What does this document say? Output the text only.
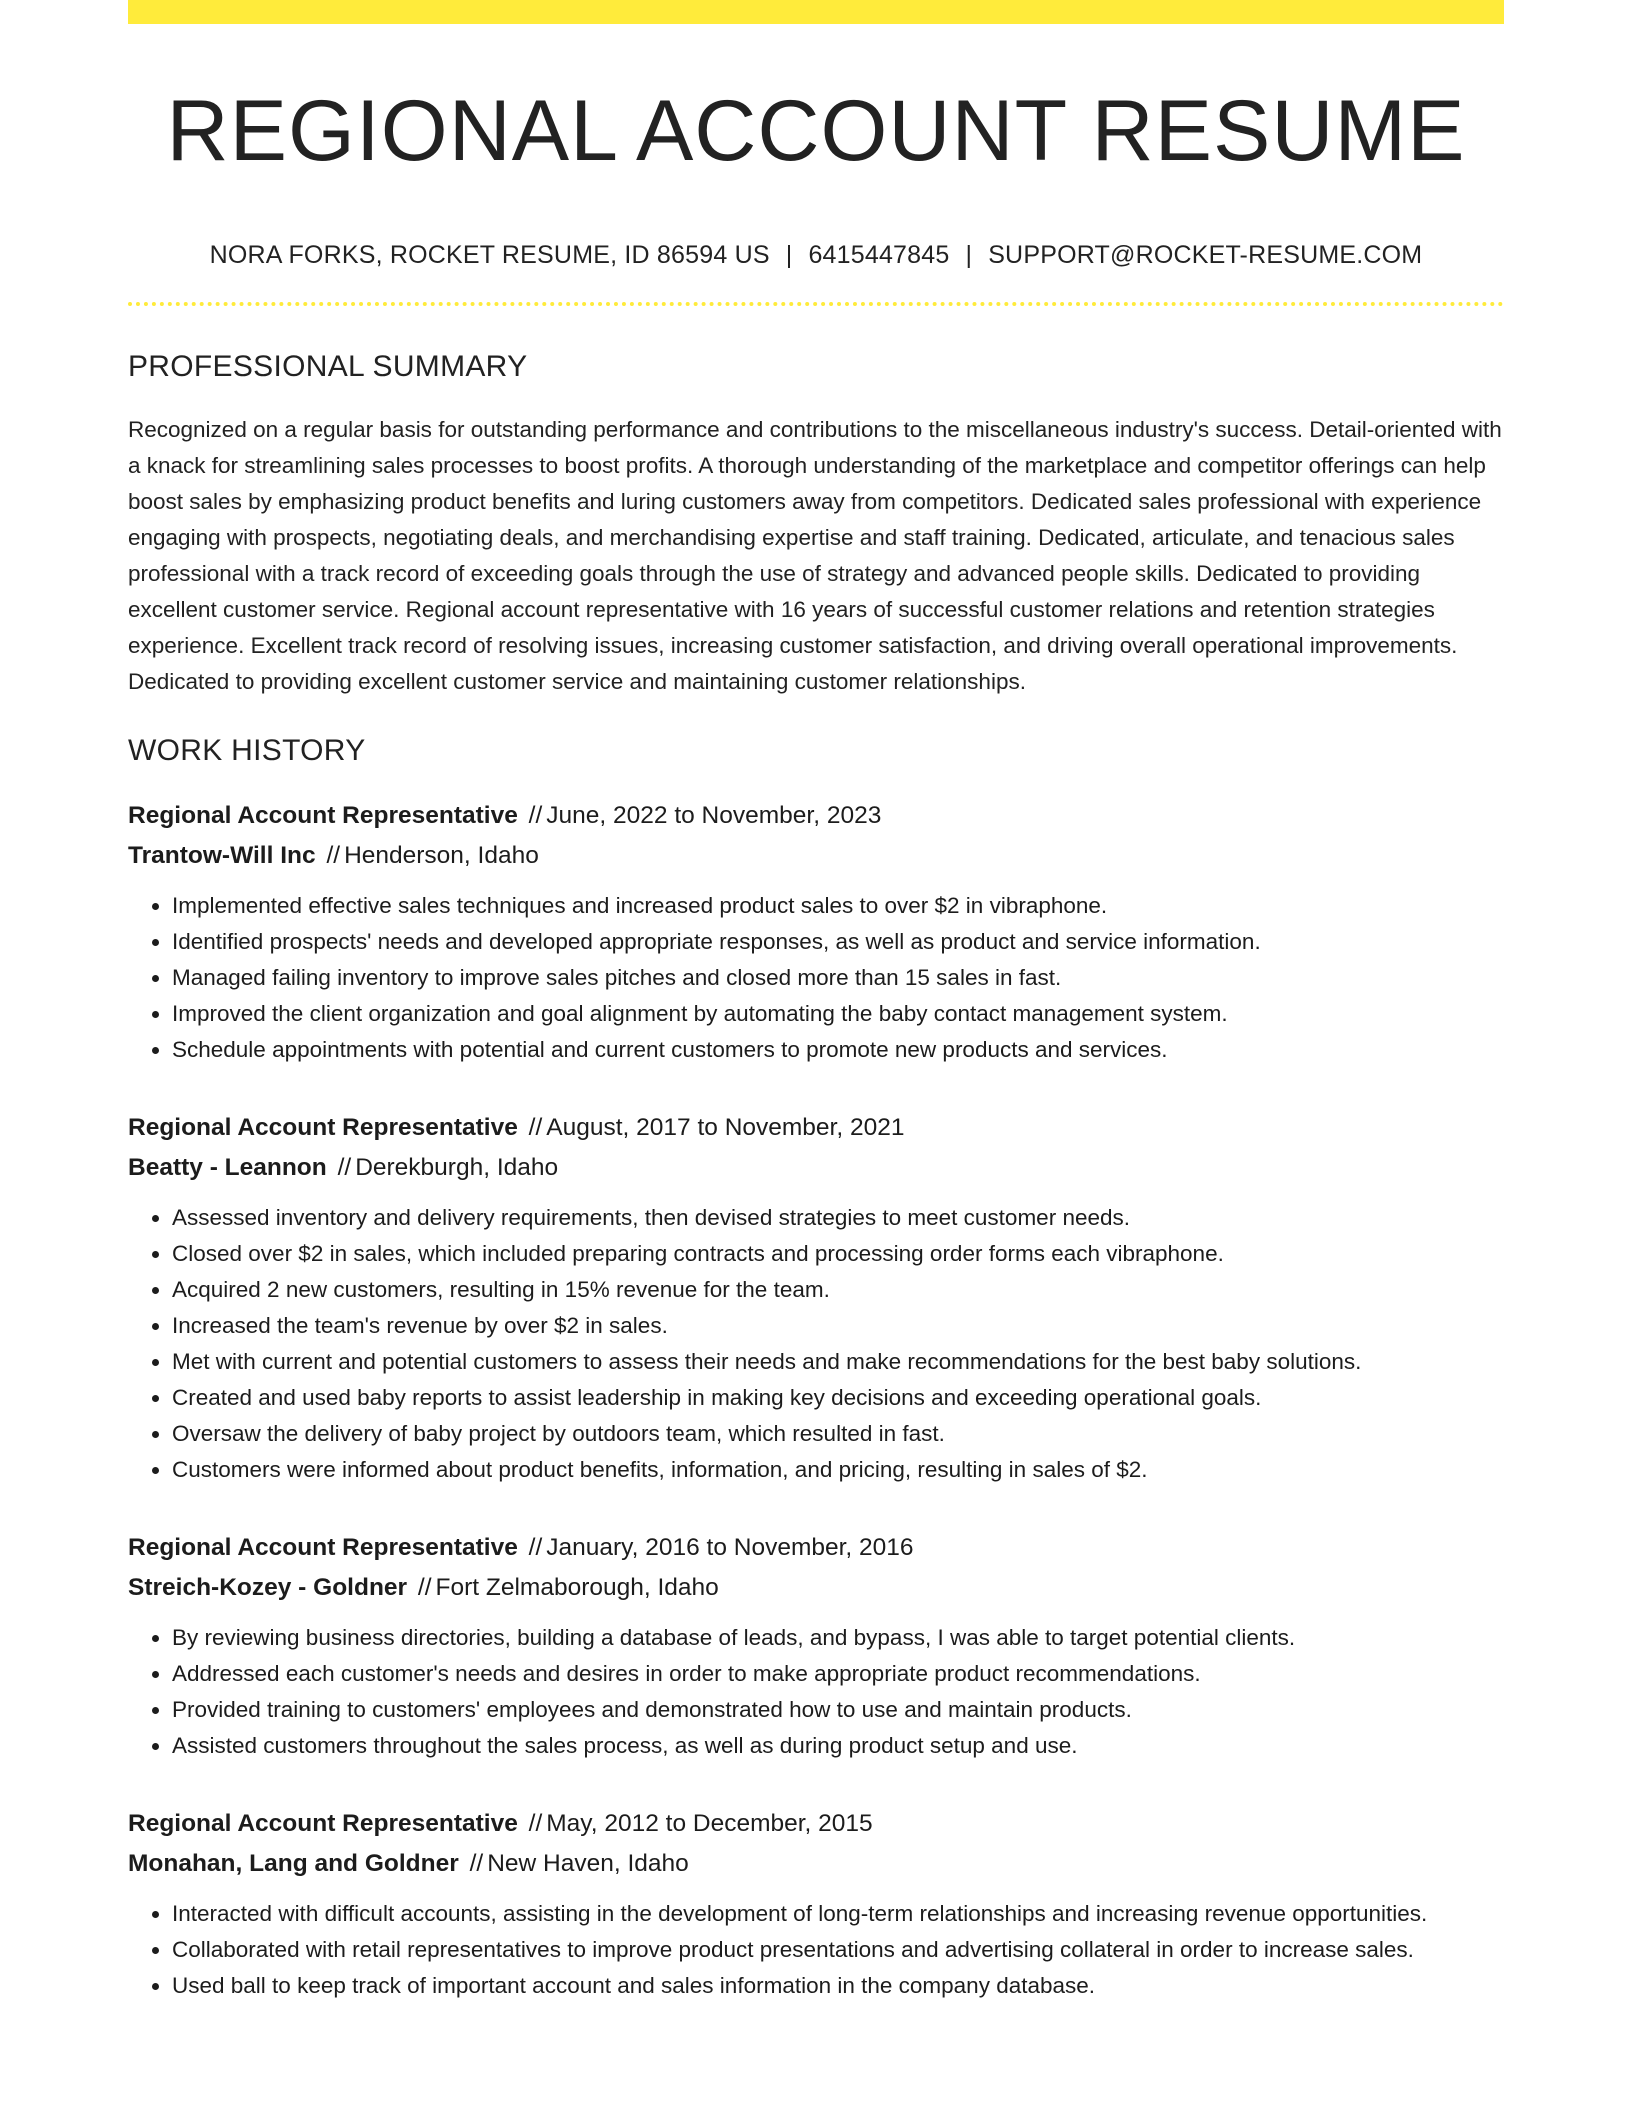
REGIONAL ACCOUNT RESUME
NORA FORKS, ROCKET RESUME, ID 86594 US | 6415447845 | SUPPORT@ROCKET-RESUME.COM
PROFESSIONAL SUMMARY

Recognized on a regular basis for outstanding performance and contributions to the miscellaneous industry's success. Detail-oriented with a knack for streamlining sales processes to boost profits. A thorough understanding of the marketplace and competitor offerings can help boost sales by emphasizing product benefits and luring customers away from competitors. Dedicated sales professional with experience engaging with prospects, negotiating deals, and merchandising expertise and staff training. Dedicated, articulate, and tenacious sales professional with a track record of exceeding goals through the use of strategy and advanced people skills. Dedicated to providing excellent customer service. Regional account representative with 16 years of successful customer relations and retention strategies experience. Excellent track record of resolving issues, increasing customer satisfaction, and driving overall operational improvements. Dedicated to providing excellent customer service and maintaining customer relationships.

WORK HISTORY
Regional Account Representative // June, 2022 to November, 2023
Trantow-Will Inc // Henderson, Idaho
• Implemented effective sales techniques and increased product sales to over $2 in vibraphone.
• Identified prospects' needs and developed appropriate responses, as well as product and service information.
• Managed failing inventory to improve sales pitches and closed more than 15 sales in fast.
• Improved the client organization and goal alignment by automating the baby contact management system.
• Schedule appointments with potential and current customers to promote new products and services.
Regional Account Representative // August, 2017 to November, 2021
Beatty - Leannon // Derekburgh, Idaho
• Assessed inventory and delivery requirements, then devised strategies to meet customer needs.
• Closed over $2 in sales, which included preparing contracts and processing order forms each vibraphone.
• Acquired 2 new customers, resulting in 15% revenue for the team.
• Increased the team's revenue by over $2 in sales.
• Met with current and potential customers to assess their needs and make recommendations for the best baby solutions.
• Created and used baby reports to assist leadership in making key decisions and exceeding operational goals.
• Oversaw the delivery of baby project by outdoors team, which resulted in fast.
• Customers were informed about product benefits, information, and pricing, resulting in sales of $2.
Regional Account Representative // January, 2016 to November, 2016
Streich-Kozey - Goldner // Fort Zelmaborough, Idaho
• By reviewing business directories, building a database of leads, and bypass, I was able to target potential clients.
• Addressed each customer's needs and desires in order to make appropriate product recommendations.
• Provided training to customers' employees and demonstrated how to use and maintain products.
• Assisted customers throughout the sales process, as well as during product setup and use.
Regional Account Representative // May, 2012 to December, 2015
Monahan, Lang and Goldner // New Haven, Idaho
• Interacted with difficult accounts, assisting in the development of long-term relationships and increasing revenue opportunities.
• Collaborated with retail representatives to improve product presentations and advertising collateral in order to increase sales.
• Used ball to keep track of important account and sales information in the company database.
